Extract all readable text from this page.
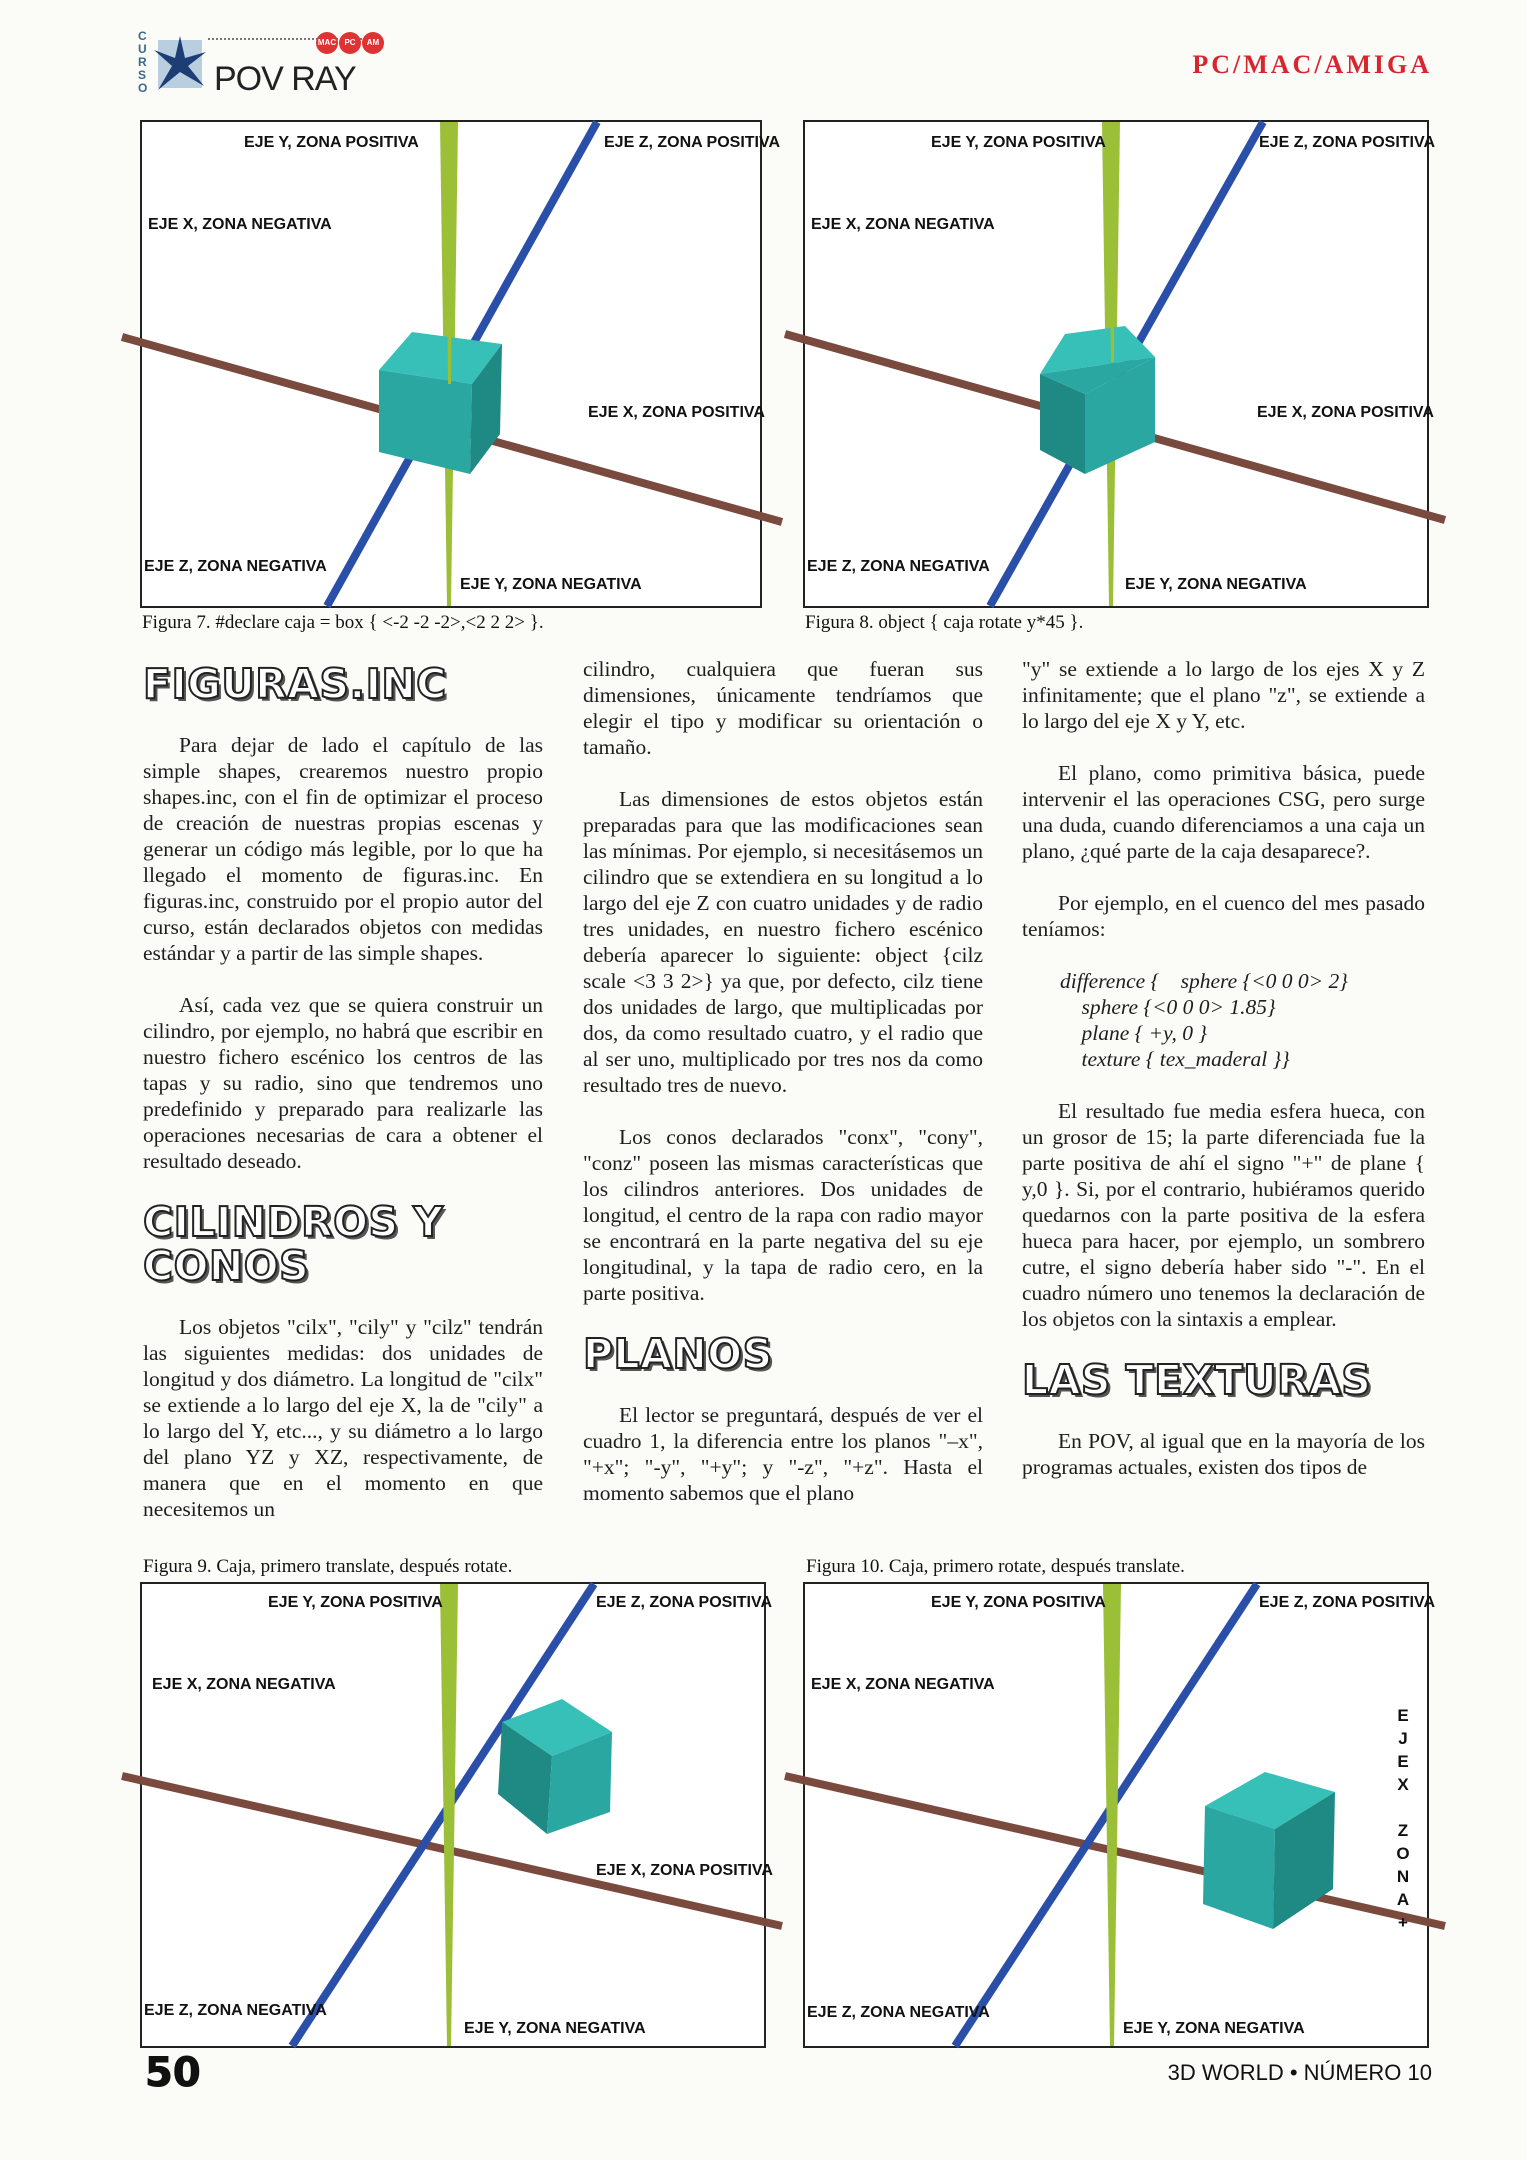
C
U
R
S
O POV RAY
MAC PC AM
PC/MAC/AMIGA
EJE Y, ZONA POSITIVA	EJE Z, ZONA POSITIVA
EJE X, ZONA NEGATIVA
EJE X, ZONA POSITIVA
EJE Z, ZONA NEGATIVA
EJE Y, ZONA NEGATIVA
Figura 7. #declare caja = box { <-2 -2 -2>,<2 2 2> }.
EJE Y, ZONA POSITIVA	EJE Z, ZONA POSITIVA
EJE X, ZONA NEGATIVA
EJE X, ZONA POSITIVA
EJE Z, ZONA NEGATIVA
EJE Y, ZONA NEGATIVA
Figura 8. object { caja rotate y*45 }.
FIGURAS.INC

Para dejar de lado el capítulo de las simple shapes, crearemos nuestro propio shapes.inc, con el fin de optimizar el proceso de creación de nuestras propias escenas y generar un código más legible, por lo que ha llegado el momento de figuras.inc. En figuras.inc, construido por el propio autor del curso, están declarados objetos con medidas estándar y a partir de las simple shapes.

Así, cada vez que se quiera construir un cilindro, por ejemplo, no habrá que escribir en nuestro fichero escénico los centros de las tapas y su radio, sino que tendremos uno predefinido y preparado para realizarle las operaciones necesarias de cara a obtener el resultado deseado.

CILINDROS Y CONOS

Los objetos "cilx", "cily" y "cilz" tendrán las siguientes medidas: dos unidades de longitud y dos diámetro. La longitud de "cilx" se extiende a lo largo del eje X, la de "cily" a lo largo del Y, etc..., y su diámetro a lo largo del plano YZ y XZ, respectivamente, de manera que en el momento en que necesitemos un

cilindro, cualquiera que fueran sus dimensiones, únicamente tendríamos que elegir el tipo y modificar su orientación o tamaño.

Las dimensiones de estos objetos están preparadas para que las modificaciones sean las mínimas. Por ejemplo, si necesitásemos un cilindro que se extendiera en su longitud a lo largo del eje Z con cuatro unidades y de radio tres unidades, en nuestro fichero escénico debería aparecer lo siguiente: object {cilz scale <3 3 2>} ya que, por defecto, cilz tiene dos unidades de largo, que multiplicadas por dos, da como resultado cuatro, y el radio que al ser uno, multiplicado por tres nos da como resultado tres de nuevo.

Los conos declarados "conx", "cony", "conz" poseen las mismas características que los cilindros anteriores. Dos unidades de longitud, el centro de la rapa con radio mayor se encontrará en la parte negativa del su eje longitudinal, y la tapa de radio cero, en la parte positiva.

PLANOS

El lector se preguntará, después de ver el cuadro 1, la diferencia entre los planos "–x", "+x"; "-y", "+y"; y "-z", "+z". Hasta el momento sabemos que el plano

"y" se extiende a lo largo de los ejes X y Z infinitamente; que el plano "z", se extiende a lo largo del eje X y Y, etc.

El plano, como primitiva básica, puede intervenir el las operaciones CSG, pero surge una duda, cuando diferenciamos a una caja un plano, ¿qué parte de la caja desaparece?.

Por ejemplo, en el cuenco del mes pasado teníamos:

difference {    sphere {<0 0 0> 2}
sphere {<0 0 0> 1.85}
plane { +y, 0 }
texture { tex_maderal }}

El resultado fue media esfera hueca, con un grosor de 15; la parte diferenciada fue la parte positiva de ahí el signo "+" de plane { y,0 }. Si, por el contrario, hubiéramos querido quedarnos con la parte positiva de la esfera hueca para hacer, por ejemplo, un sombrero cutre, el signo debería haber sido "-". En el cuadro número uno tenemos la declaración de los objetos con la sintaxis a emplear.

LAS TEXTURAS

En POV, al igual que en la mayoría de los programas actuales, existen dos tipos de

Figura 9. Caja, primero translate, después rotate.
EJE Y, ZONA POSITIVA	EJE Z, ZONA POSITIVA
EJE X, ZONA NEGATIVA
EJE X, ZONA POSITIVA
EJE Z, ZONA NEGATIVA
EJE Y, ZONA NEGATIVA
Figura 10. Caja, primero rotate, después translate.
EJE Y, ZONA POSITIVA	EJE Z, ZONA POSITIVA
EJE X, ZONA NEGATIVA
E
J
E
X
Z
O
N
A
+
EJE Z, ZONA NEGATIVA
EJE Y, ZONA NEGATIVA
50	3D WORLD • NÚMERO 10
